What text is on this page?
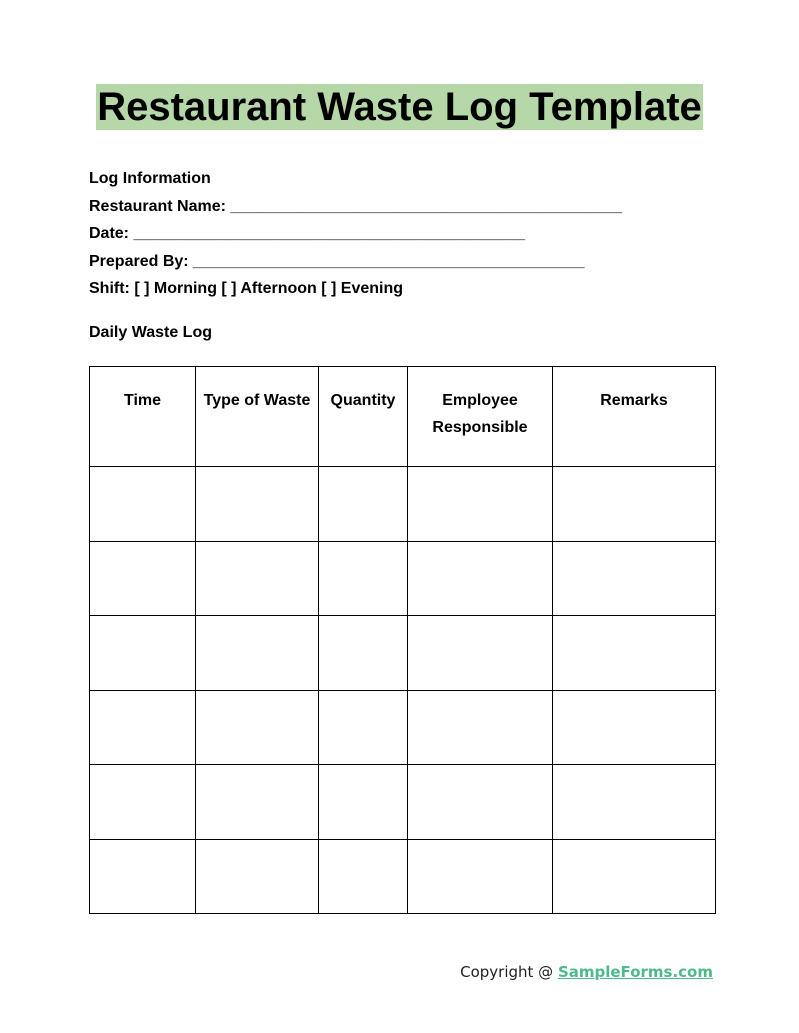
Restaurant Waste Log Template
Log Information
Restaurant Name: ____________________________________________
Date: ____________________________________________
Prepared By: ____________________________________________
Shift: [ ] Morning [ ] Afternoon [ ] Evening
Daily Waste Log
Time	Type of Waste	Quantity	Employee Responsible	Remarks

Copyright @ SampleForms.com
